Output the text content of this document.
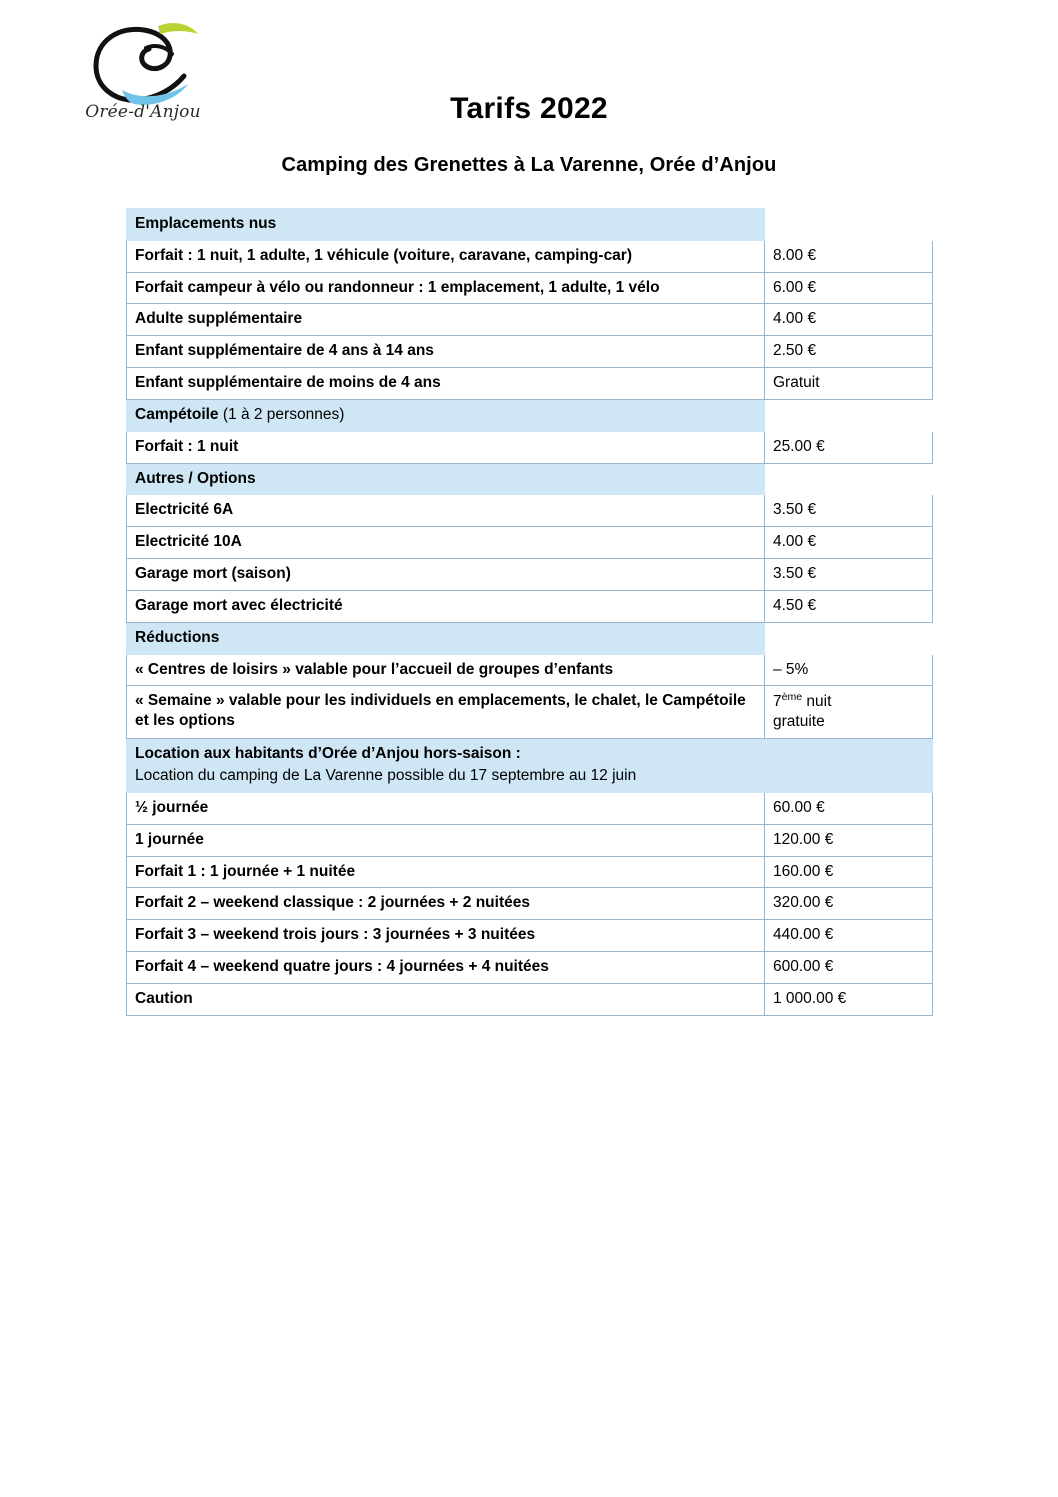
Orée-d'Anjou	Tarifs 2022
Camping des Grenettes à La Varenne, Orée d’Anjou
Emplacements nus	
Forfait : 1 nuit, 1 adulte, 1 véhicule (voiture, caravane, camping-car)	8.00 €
Forfait campeur à vélo ou randonneur : 1 emplacement, 1 adulte, 1 vélo	6.00 €
Adulte supplémentaire	4.00 €
Enfant supplémentaire de 4 ans à 14 ans	2.50 €
Enfant supplémentaire de moins de 4 ans	Gratuit
Campétoile (1 à 2 personnes)	
Forfait : 1 nuit	25.00 €
Autres / Options	
Electricité 6A	3.50 €
Electricité 10A	4.00 €
Garage mort (saison)	3.50 €
Garage mort avec électricité	4.50 €
Réductions	
« Centres de loisirs » valable pour l’accueil de groupes d’enfants	– 5%
« Semaine » valable pour les individuels en emplacements, le chalet, le Campétoile et les options	7ème nuit
gratuite
Location aux habitants d’Orée d’Anjou hors-saison :
Location du camping de La Varenne possible du 17 septembre au 12 juin	

½ journée	60.00 €
1 journée	120.00 €
Forfait 1 : 1 journée + 1 nuitée	160.00 €
Forfait 2 – weekend classique : 2 journées + 2 nuitées	320.00 €
Forfait 3 – weekend trois jours : 3 journées + 3 nuitées	440.00 €
Forfait 4 – weekend quatre jours : 4 journées + 4 nuitées	600.00 €
Caution	1 000.00 €
